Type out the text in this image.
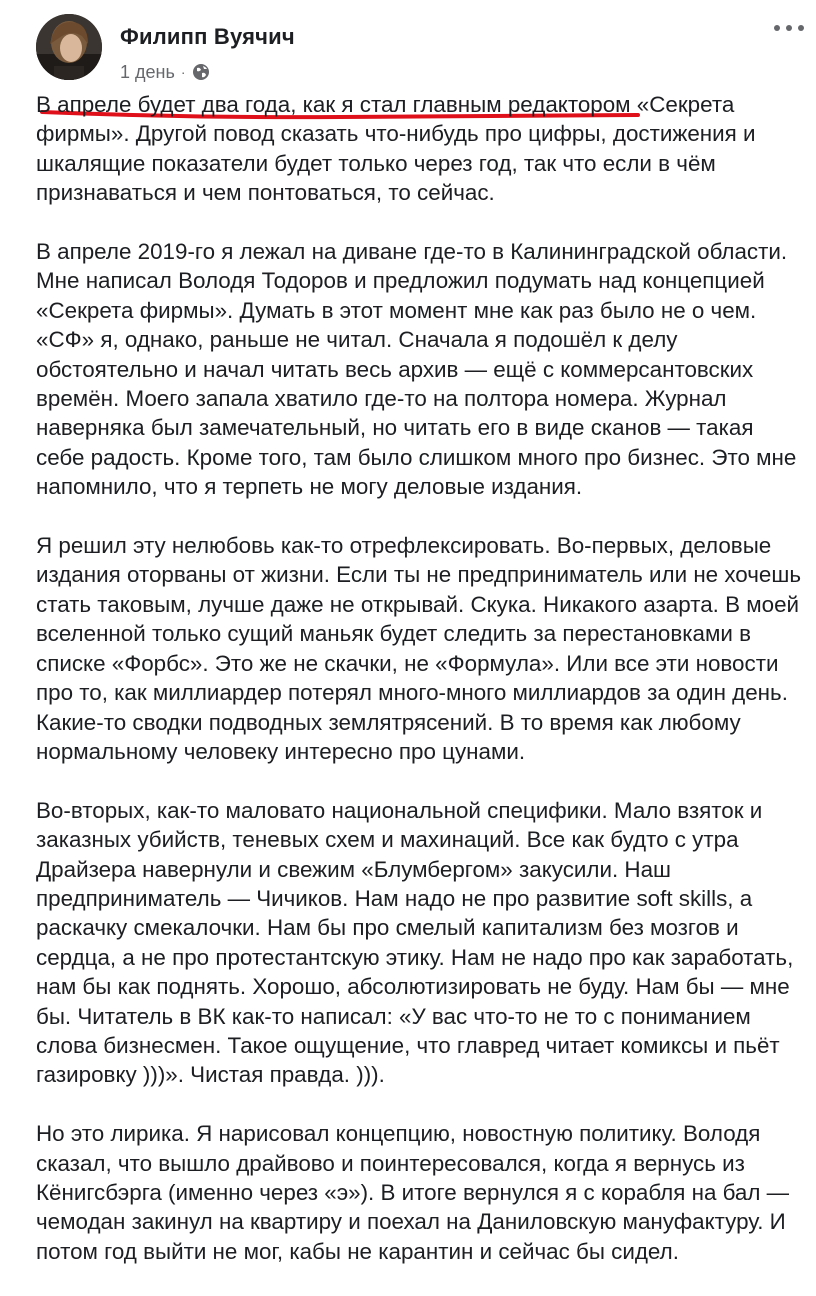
Филипп Вуячич
1 день ·

В апреле будет два года, как я стал главным редактором «Секрета фирмы». Другой повод сказать что-нибудь про цифры, достижения и шкалящие показатели будет только через год, так что если в чём признаваться и чем понтоваться, то сейчас.

В апреле 2019-го я лежал на диване где-то в Калининградской области. Мне написал Володя Тодоров и предложил подумать над концепцией «Секрета фирмы». Думать в этот момент мне как раз было не о чем. «СФ» я, однако, раньше не читал. Сначала я подошёл к делу обстоятельно и начал читать весь архив — ещё с коммерсантовских времён. Моего запала хватило где-то на полтора номера. Журнал наверняка был замечательный, но читать его в виде сканов — такая себе радость. Кроме того, там было слишком много про бизнес. Это мне напомнило, что я терпеть не могу деловые издания.

Я решил эту нелюбовь как-то отрефлексировать. Во-первых, деловые издания оторваны от жизни. Если ты не предприниматель или не хочешь стать таковым, лучше даже не открывай. Скука. Никакого азарта. В моей вселенной только сущий маньяк будет следить за перестановками в списке «Форбс». Это же не скачки, не «Формула». Или все эти новости про то, как миллиардер потерял много-много миллиардов за один день. Какие-то сводки подводных землятрясений. В то время как любому нормальному человеку интересно про цунами.

Во-вторых, как-то маловато национальной специфики. Мало взяток и заказных убийств, теневых схем и махинаций. Все как будто с утра Драйзера навернули и свежим «Блумбергом» закусили. Наш предприниматель — Чичиков. Нам надо не про развитие soft skills, а раскачку смекалочки. Нам бы про смелый капитализм без мозгов и сердца, а не про протестантскую этику. Нам не надо про как заработать, нам бы как поднять. Хорошо, абсолютизировать не буду. Нам бы — мне бы. Читатель в ВК как-то написал: «У вас что-то не то с пониманием слова бизнесмен. Такое ощущение, что главред читает комиксы и пьёт газировку )))». Чистая правда. ))).

Но это лирика. Я нарисовал концепцию, новостную политику. Володя сказал, что вышло драйвово и поинтересовался, когда я вернусь из Кёнигсбэрга (именно через «э»). В итоге вернулся я с корабля на бал — чемодан закинул на квартиру и поехал на Даниловскую мануфактуру. И потом год выйти не мог, кабы не карантин и сейчас бы сидел.
